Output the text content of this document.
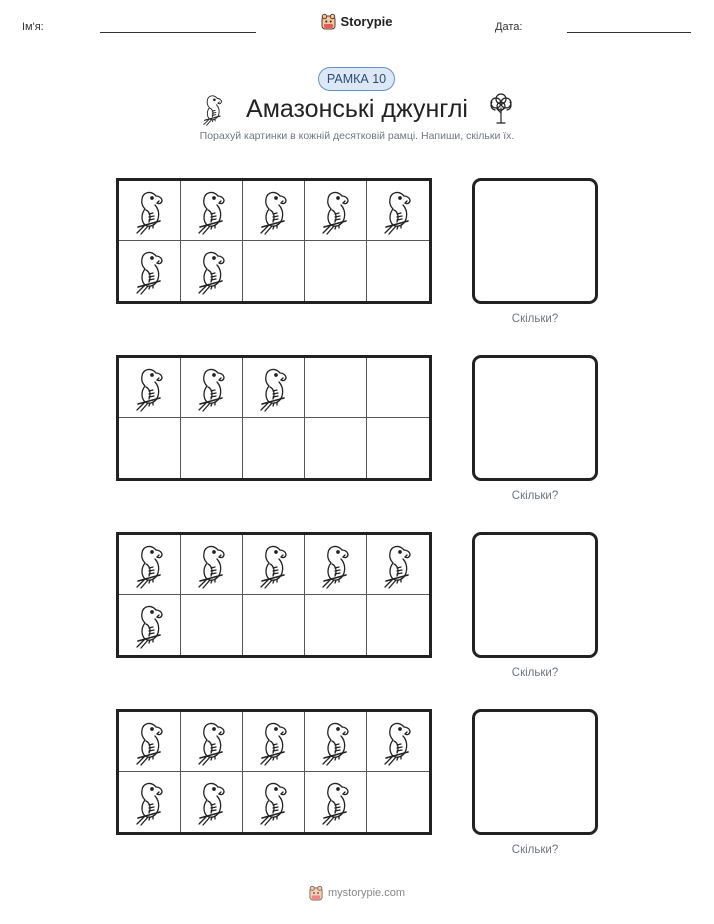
Ім'я:	Storypie	Дата:
РАМКА 10
Амазонські джунглі
Порахуй картинки в кожній десятковій рамці. Напиши, скільки їх.
Скільки?
Скільки?
Скільки?
Скільки?
mystorypie.com
